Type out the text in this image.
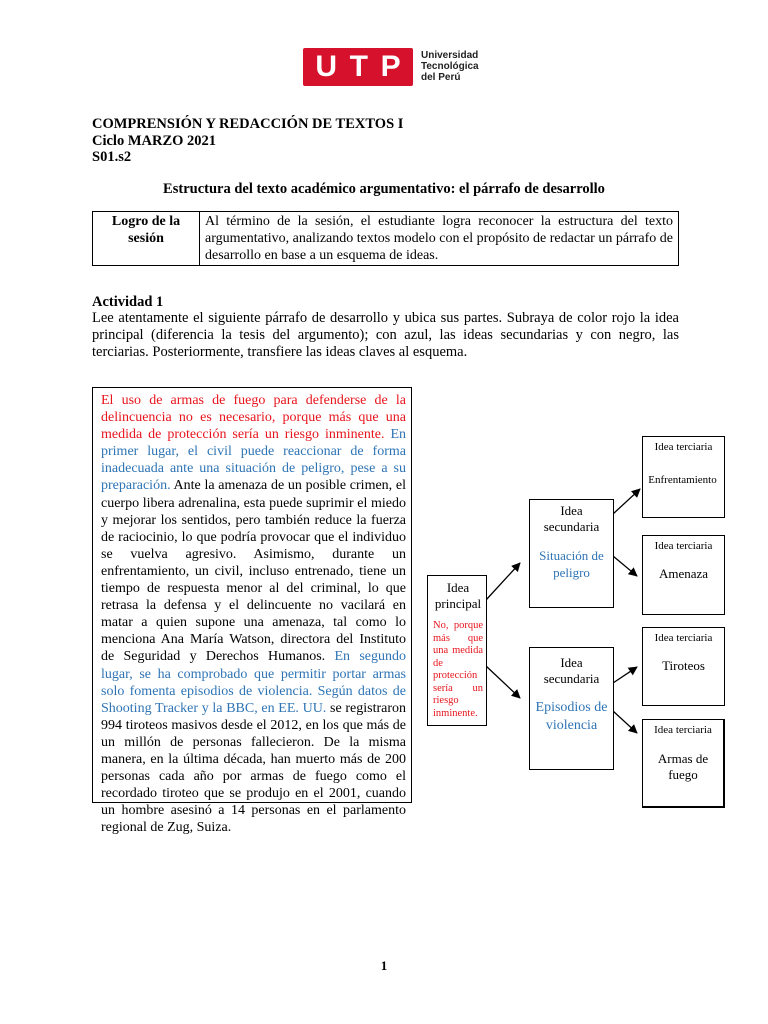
U T P Universidad
Tecnológica
del Perú
COMPRENSIÓN Y REDACCIÓN DE TEXTOS I
Ciclo MARZO 2021
S01.s2
Estructura del texto académico argumentativo: el párrafo de desarrollo
Logro de la sesión	Al término de la sesión, el estudiante logra reconocer la estructura del texto argumentativo, analizando textos modelo con el propósito de redactar un párrafo de desarrollo en base a un esquema de ideas.
Actividad 1
Lee atentamente el siguiente párrafo de desarrollo y ubica sus partes. Subraya de color rojo la idea principal (diferencia la tesis del argumento); con azul, las ideas secundarias y con negro, las terciarias. Posteriormente, transfiere las ideas claves al esquema.
El uso de armas de fuego para defenderse de la delincuencia no es necesario, porque más que una medida de protección sería un riesgo inminente. En primer lugar, el civil puede reaccionar de forma inadecuada ante una situación de peligro, pese a su preparación. Ante la amenaza de un posible crimen, el cuerpo libera adrenalina, esta puede suprimir el miedo y mejorar los sentidos, pero también reduce la fuerza de raciocinio, lo que podría provocar que el individuo se vuelva agresivo. Asimismo, durante un enfrentamiento, un civil, incluso entrenado, tiene un tiempo de respuesta menor al del criminal, lo que retrasa la defensa y el delincuente no vacilará en matar a quien supone una amenaza, tal como lo menciona Ana María Watson, directora del Instituto de Seguridad y Derechos Humanos. En segundo lugar, se ha comprobado que permitir portar armas solo fomenta episodios de violencia. Según datos de Shooting Tracker y la BBC, en EE. UU. se registraron 994 tiroteos masivos desde el 2012, en los que más de un millón de personas fallecieron. De la misma manera, en la última década, han muerto más de 200 personas cada año por armas de fuego como el recordado tiroteo que se produjo en el 2001, cuando un hombre asesinó a 14 personas en el parlamento regional de Zug, Suiza.
Idea principal
No, porque más que una medida de protección sería un riesgo inminente.
Idea secundaria
Situación de peligro
Idea secundaria
Episodios de violencia
Idea terciaria
Enfrentamiento
Idea terciaria
Amenaza
Idea terciaria
Tiroteos
Idea terciaria
Armas de fuego
1
